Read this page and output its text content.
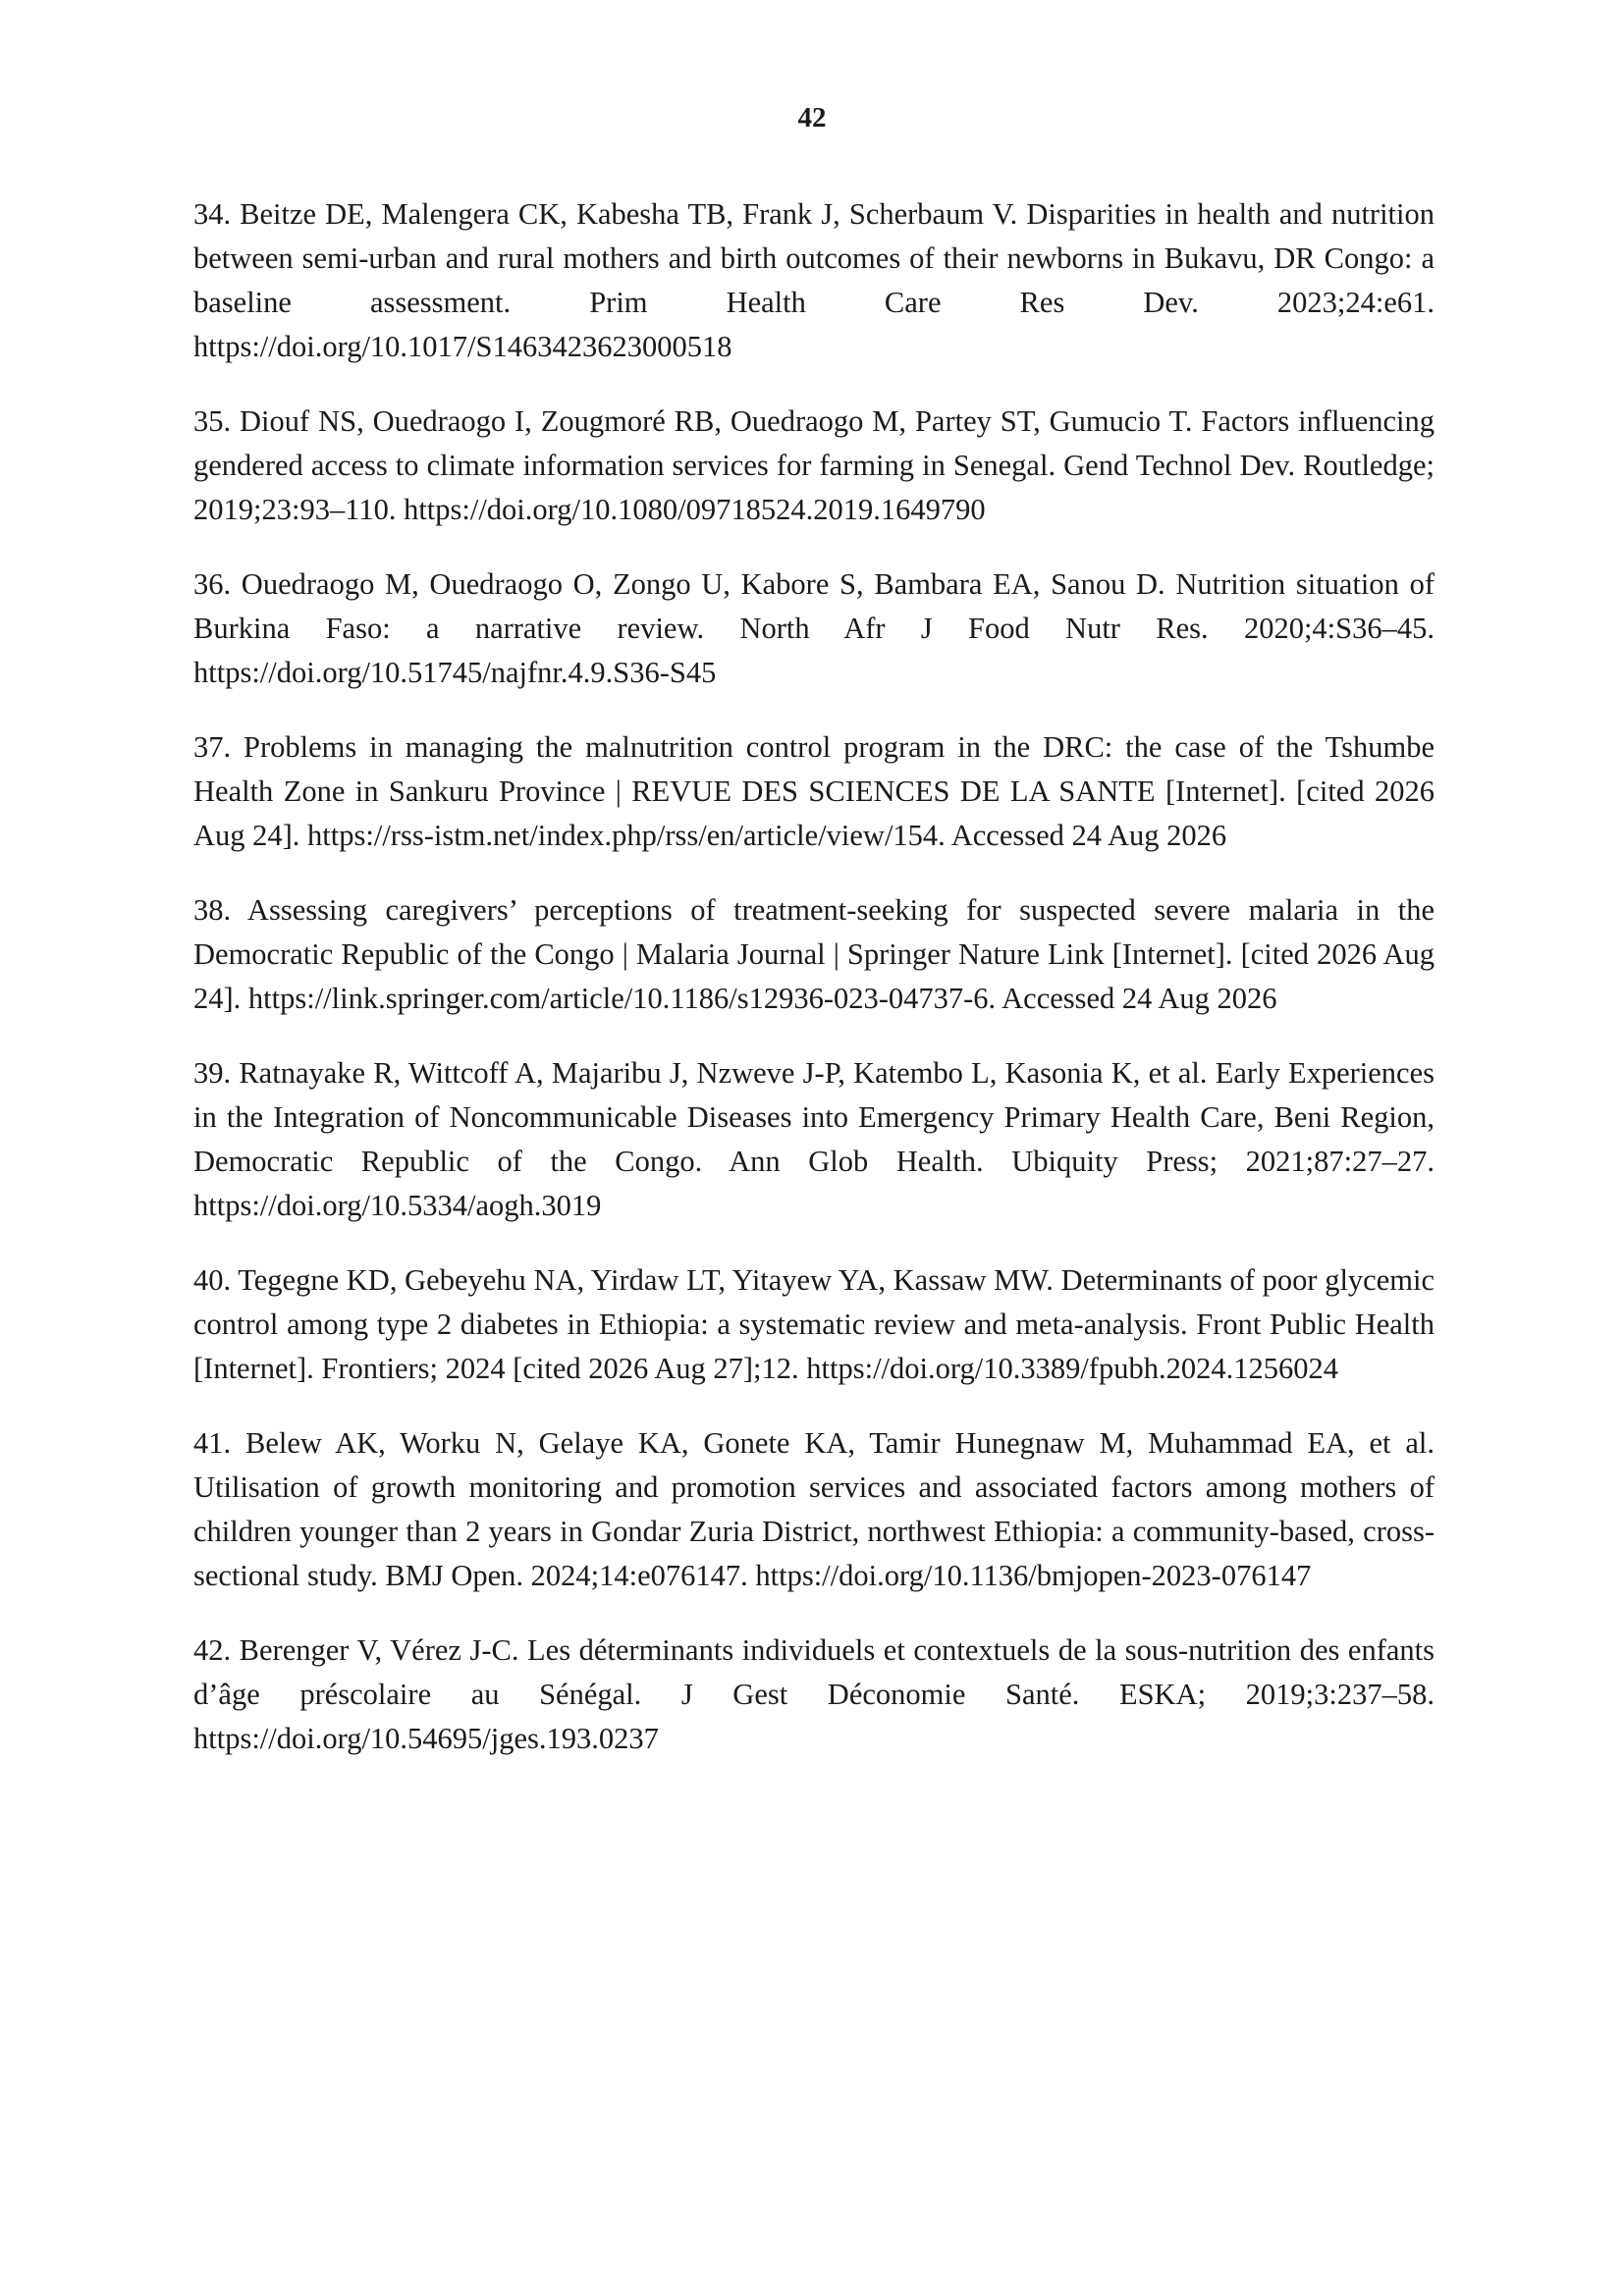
42

34. Beitze DE, Malengera CK, Kabesha TB, Frank J, Scherbaum V. Disparities in health and nutrition between semi-urban and rural mothers and birth outcomes of their newborns in Bukavu, DR Congo: a baseline assessment. Prim Health Care Res Dev. 2023;24:e61. https://doi.org/10.1017/S1463423623000518

35. Diouf NS, Ouedraogo I, Zougmoré RB, Ouedraogo M, Partey ST, Gumucio T. Factors influencing gendered access to climate information services for farming in Senegal. Gend Technol Dev. Routledge; 2019;23:93–110. https://doi.org/10.1080/09718524.2019.1649790

36. Ouedraogo M, Ouedraogo O, Zongo U, Kabore S, Bambara EA, Sanou D. Nutrition situation of Burkina Faso: a narrative review. North Afr J Food Nutr Res. 2020;4:S36–45. https://doi.org/10.51745/najfnr.4.9.S36-S45

37. Problems in managing the malnutrition control program in the DRC: the case of the Tshumbe Health Zone in Sankuru Province | REVUE DES SCIENCES DE LA SANTE [Internet]. [cited 2026 Aug 24]. https://rss-istm.net/index.php/rss/en/article/view/154. Accessed 24 Aug 2026

38. Assessing caregivers’ perceptions of treatment-seeking for suspected severe malaria in the Democratic Republic of the Congo | Malaria Journal | Springer Nature Link [Internet]. [cited 2026 Aug 24]. https://link.springer.com/article/10.1186/s12936-023-04737-6. Accessed 24 Aug 2026

39. Ratnayake R, Wittcoff A, Majaribu J, Nzweve J-P, Katembo L, Kasonia K, et al. Early Experiences in the Integration of Noncommunicable Diseases into Emergency Primary Health Care, Beni Region, Democratic Republic of the Congo. Ann Glob Health. Ubiquity Press; 2021;87:27–27. https://doi.org/10.5334/aogh.3019

40. Tegegne KD, Gebeyehu NA, Yirdaw LT, Yitayew YA, Kassaw MW. Determinants of poor glycemic control among type 2 diabetes in Ethiopia: a systematic review and meta-analysis. Front Public Health [Internet]. Frontiers; 2024 [cited 2026 Aug 27];12. https://doi.org/10.3389/fpubh.2024.1256024

41. Belew AK, Worku N, Gelaye KA, Gonete KA, Tamir Hunegnaw M, Muhammad EA, et al. Utilisation of growth monitoring and promotion services and associated factors among mothers of children younger than 2 years in Gondar Zuria District, northwest Ethiopia: a community-based, cross-sectional study. BMJ Open. 2024;14:e076147. https://doi.org/10.1136/bmjopen-2023-076147

42. Berenger V, Vérez J-C. Les déterminants individuels et contextuels de la sous-nutrition des enfants d’âge préscolaire au Sénégal. J Gest Déconomie Santé. ESKA; 2019;3:237–58. https://doi.org/10.54695/jges.193.0237
